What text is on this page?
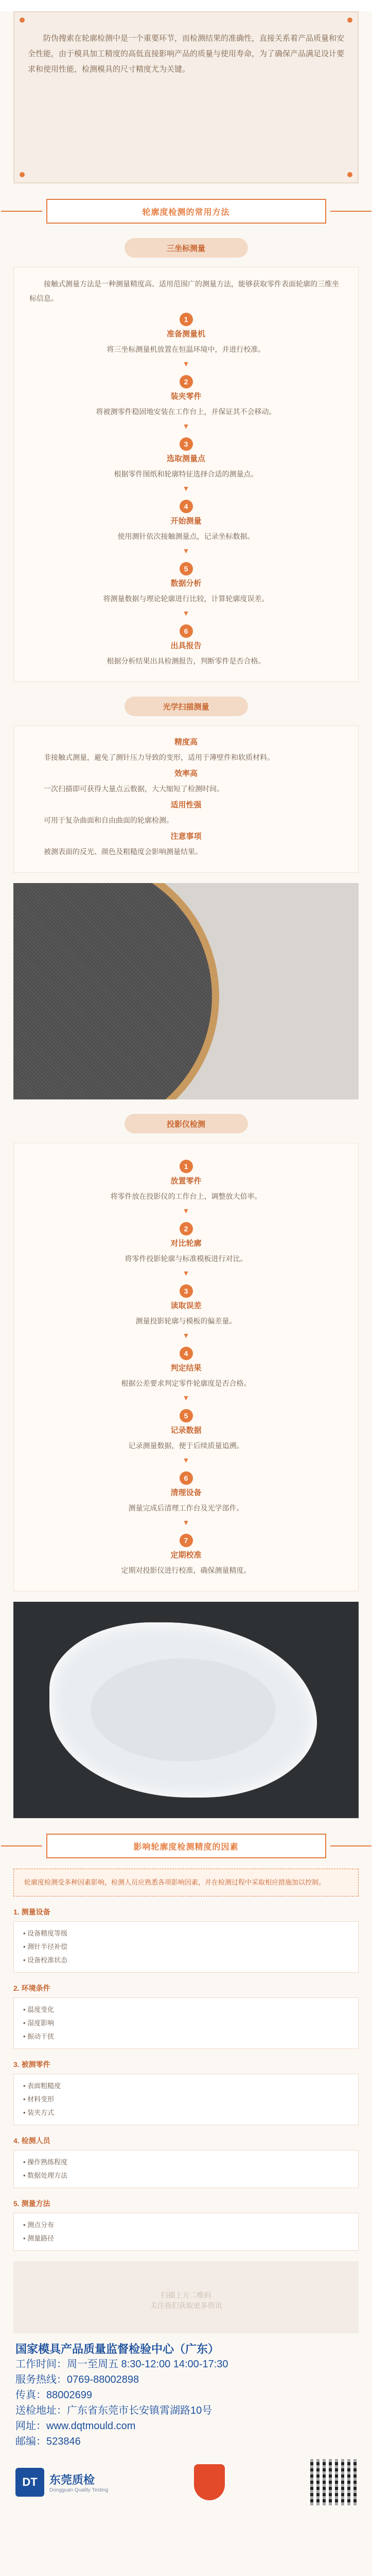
防伪搜索在轮廓检测中是一个重要环节，而检测结果的准确性，直接关系着产品质量和安全性能，由于模具加工精度的高低直接影响产品的质量与使用寿命，为了确保产品满足设计要求和使用性能，检测模具的尺寸精度尤为关键。
轮廓度检测的常用方法
三坐标测量

接触式测量方法是一种测量精度高、适用范围广的测量方法，能够获取零件表面轮廓的三维坐标信息。

1
准备测量机

将三坐标测量机放置在恒温环境中，并进行校准。

▼
2
装夹零件

将被测零件稳固地安装在工作台上，并保证其不会移动。

▼
3
选取测量点

根据零件图纸和轮廓特征选择合适的测量点。

▼
4
开始测量

使用测针依次接触测量点，记录坐标数据。

▼
5
数据分析

将测量数据与理论轮廓进行比较，计算轮廓度误差。

▼
6
出具报告

根据分析结果出具检测报告，判断零件是否合格。

光学扫描测量
精度高

非接触式测量，避免了测针压力导致的变形，适用于薄壁件和软质材料。

效率高

一次扫描即可获得大量点云数据，大大缩短了检测时间。

适用性强

可用于复杂曲面和自由曲面的轮廓检测。

注意事项

被测表面的反光、颜色及粗糙度会影响测量结果。

投影仪检测
1
放置零件

将零件放在投影仪的工作台上，调整放大倍率。

▼
2
对比轮廓

将零件投影轮廓与标准模板进行对比。

▼
3
读取误差

测量投影轮廓与模板的偏差量。

▼
4
判定结果

根据公差要求判定零件轮廓度是否合格。

▼
5
记录数据

记录测量数据，便于后续质量追溯。

▼
6
清理设备

测量完成后清理工作台及光学部件。

▼
7
定期校准

定期对投影仪进行校准，确保测量精度。

影响轮廓度检测精度的因素
轮廓度检测受多种因素影响，检测人员应熟悉各项影响因素，并在检测过程中采取相应措施加以控制。
1. 测量设备
• 设备精度等级
• 测针半径补偿
• 设备校准状态
2. 环境条件
• 温度变化
• 湿度影响
• 振动干扰
3. 被测零件
• 表面粗糙度
• 材料变形
• 装夹方式
4. 检测人员
• 操作熟练程度
• 数据处理方法
5. 测量方法
• 测点分布
• 测量路径
扫描上方二维码
关注我们获取更多资讯
国家模具产品质量监督检验中心（广东）
工作时间：周一至周五 8:30-12:00 14:00-17:30
服务热线：0769-88002898
传真：88002699
送检地址：广东省东莞市长安镇霄湖路10号
网址：www.dqtmould.com
邮编：523846
DT	东莞质检
Dongguan Quality Testing
